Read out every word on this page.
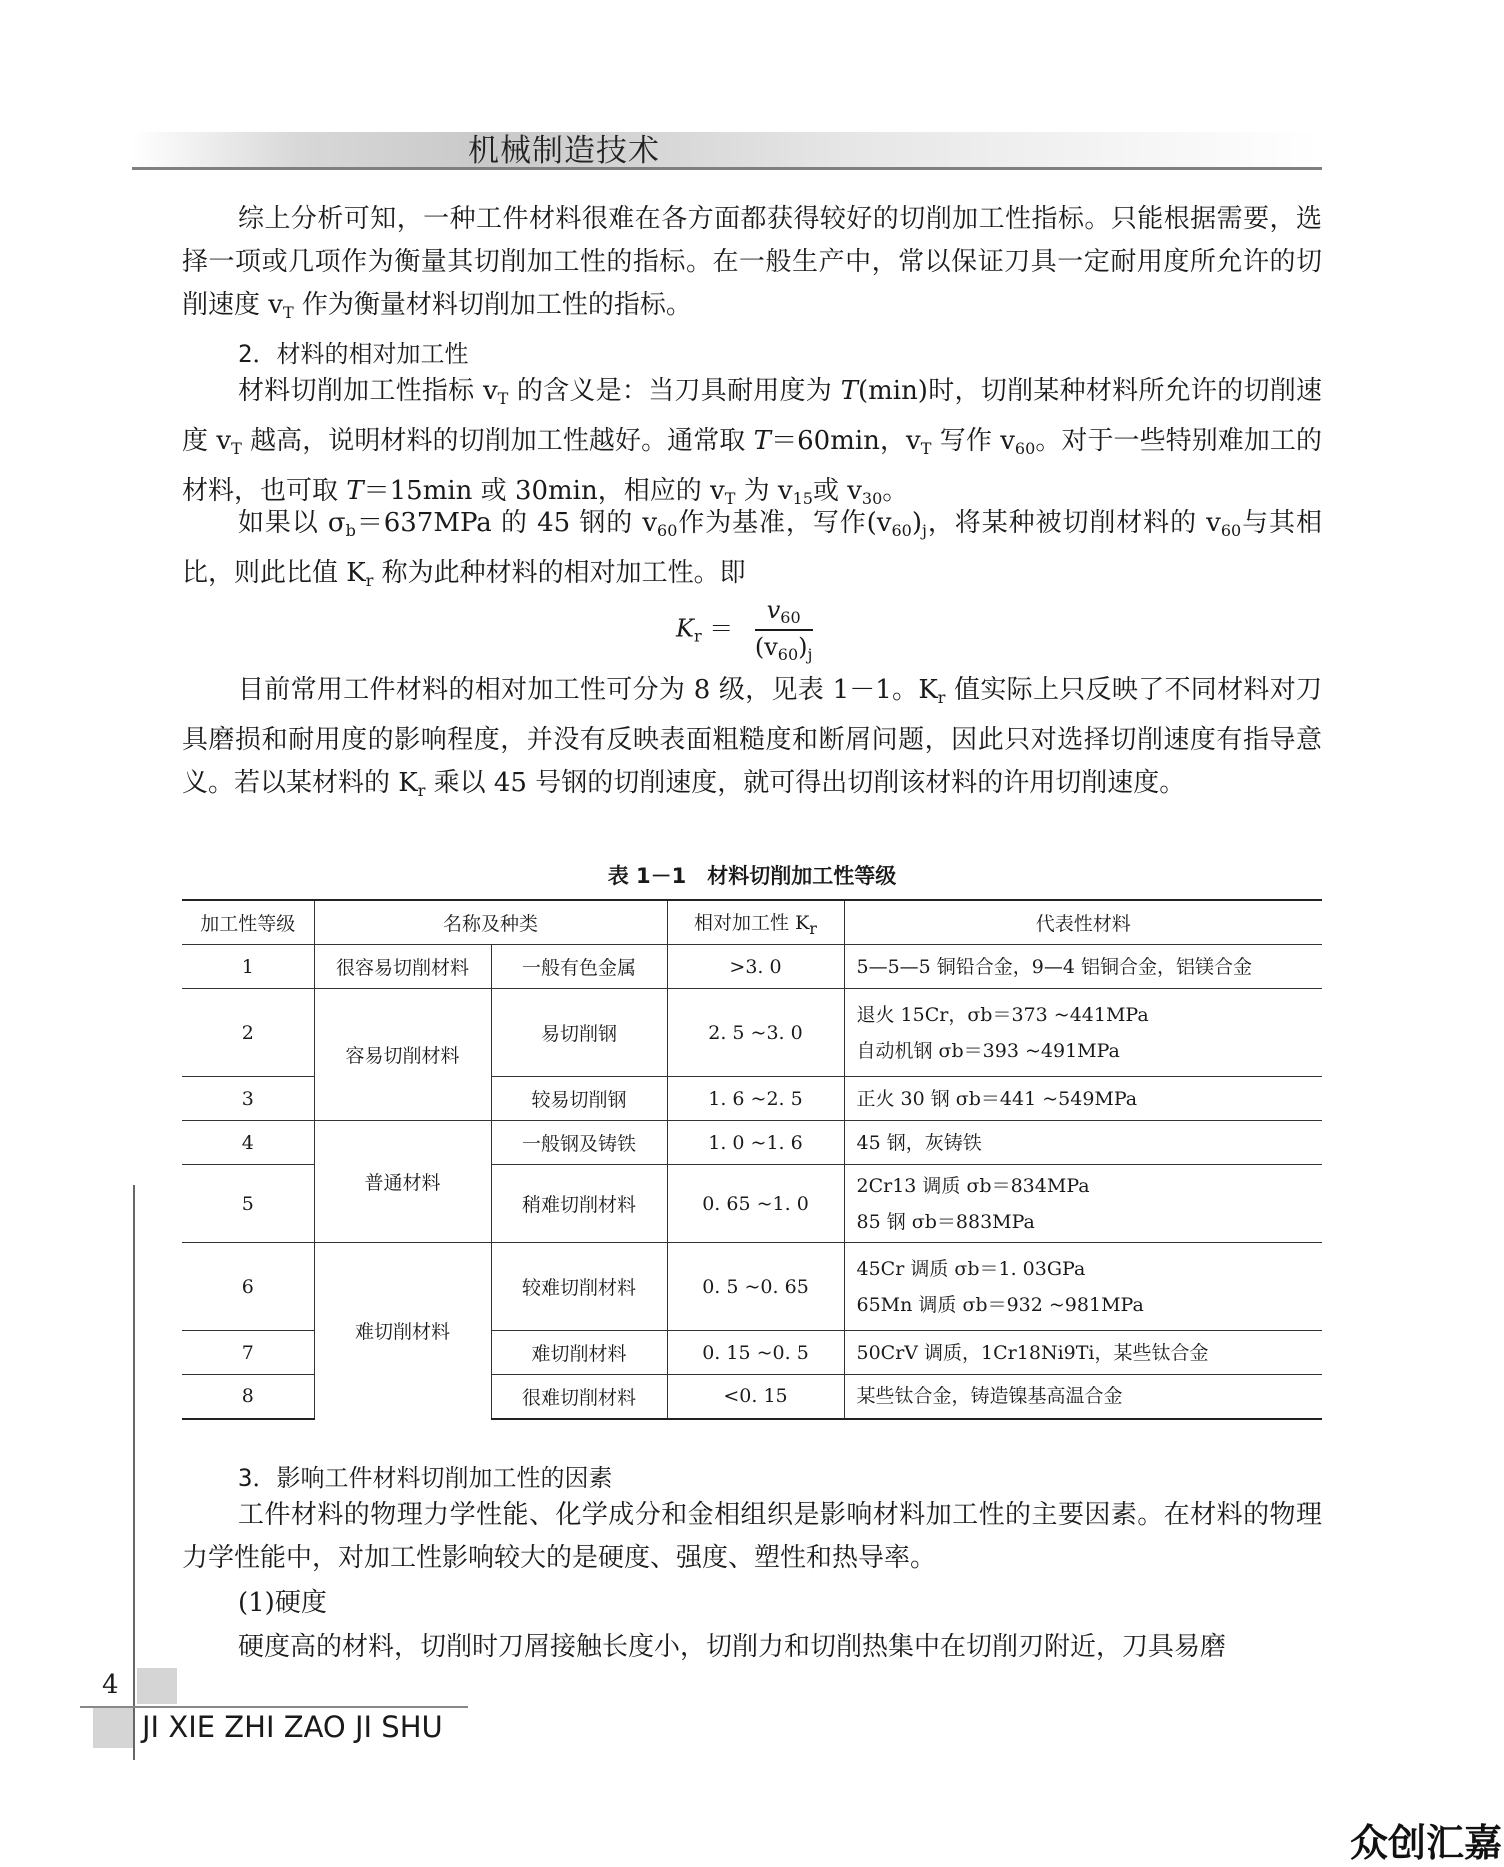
机械制造技术
综上分析可知，一种工件材料很难在各方面都获得较好的切削加工性指标。只能根据需要，选择一项或几项作为衡量其切削加工性的指标。在一般生产中，常以保证刀具一定耐用度所允许的切削速度 $v_T$ 作为衡量材料切削加工性的指标。
2．材料的相对加工性
材料切削加工性指标 $v_T$ 的含义是：当刀具耐用度为 T(min)时，切削某种材料所允许的切削速度 $v_T$ 越高，说明材料的切削加工性越好。通常取 T＝60min，$v_T$ 写作 $v_{60}$。对于一些特别难加工的材料，也可取 T＝15min 或 30min，相应的 $v_T$ 为 $v_{15}$或 $v_{30}$。
如果以 $\sigma_b=637MPa$ 的 45 钢的 $v_{60}$作为基准，写作$(v_{60})_j$，将某种被切削材料的 $v_{60}$与其相比，则此比值 $K_r$ 称为此种材料的相对加工性。即
$K_r = \frac{v_{60}}{(v_{60})_j}$
目前常用工件材料的相对加工性可分为 8 级，见表 1－1。$K_r$ 值实际上只反映了不同材料对刀具磨损和耐用度的影响程度，并没有反映表面粗糙度和断屑问题，因此只对选择切削速度有指导意义。若以某材料的 $K_r$ 乘以 45 号钢的切削速度，就可得出切削该材料的许用切削速度。
表 1－1　材料切削加工性等级
加工性等级	名称及种类		相对加工性 $K_r$	代表性材料
1	很容易切削材料	一般有色金属	>3. 0	5—5—5 铜铅合金，9—4 铝铜合金，铝镁合金

2	容易切削材料	易切削钢	2. 5 ~3. 0	退火 15Cr，σb＝373 ~441MPa
自动机钢 σb＝393 ~491MPa

3		较易切削钢	1. 6 ~2. 5	正火 30 钢 σb＝441 ~549MPa

4	普通材料	一般钢及铸铁	1. 0 ~1. 6	45 钢，灰铸铁

5		稍难切削材料	0. 65 ~1. 0	2Cr13 调质 σb＝834MPa
85 钢 σb＝883MPa

6	难切削材料	较难切削材料	0. 5 ~0. 65	45Cr 调质 σb＝1. 03GPa
65Mn 调质 σb＝932 ~981MPa

7		难切削材料	0. 15 ~0. 5	50CrV 调质，1Cr18Ni9Ti，某些钛合金

8		很难切削材料	<0. 15	某些钛合金，铸造镍基高温合金
3．影响工件材料切削加工性的因素
工件材料的物理力学性能、化学成分和金相组织是影响材料加工性的主要因素。在材料的物理力学性能中，对加工性影响较大的是硬度、强度、塑性和热导率。
(1)硬度
硬度高的材料，切削时刀屑接触长度小，切削力和切削热集中在切削刃附近，刀具易磨
4
JI XIE ZHI ZAO JI SHU
众创汇嘉
